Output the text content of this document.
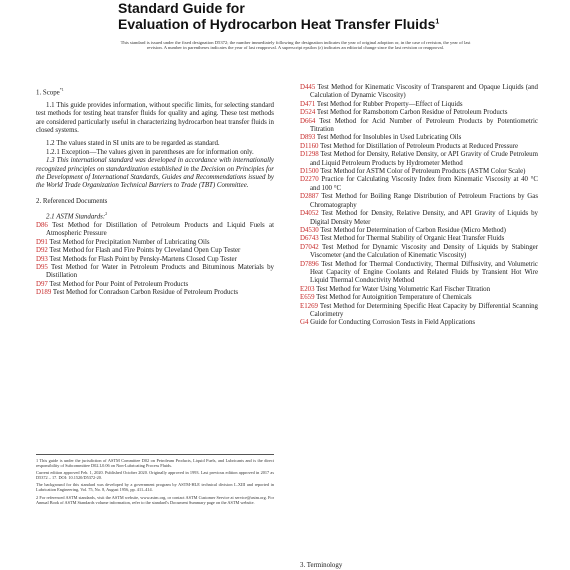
Standard Guide for
Evaluation of Hydrocarbon Heat Transfer Fluids$^1$
This standard is issued under the fixed designation D5372; the number immediately following the designation indicates the year of original adoption or, in the case of revision, the year of last revision. A number in parentheses indicates the year of last reapproval. A superscript epsilon (ε) indicates an editorial change since the last revision or reapproval.

1. Scope$^{*1}$

1.1 This guide provides information, without specific limits, for selecting standard test methods for testing heat transfer fluids for quality and aging. These test methods are considered particularly useful in characterizing hydrocarbon heat transfer fluids in closed systems.

1.2 The values stated in SI units are to be regarded as standard.

1.2.1 Exception—The values given in parentheses are for information only.

1.3 This international standard was developed in accordance with internationally recognized principles on standardization established in the Decision on Principles for the Development of International Standards, Guides and Recommendations issued by the World Trade Organization Technical Barriers to Trade (TBT) Committee.

2. Referenced Documents

2.1 ASTM Standards:$^2$

D86 Test Method for Distillation of Petroleum Products and Liquid Fuels at Atmospheric Pressure

D91 Test Method for Precipitation Number of Lubricating Oils

D92 Test Method for Flash and Fire Points by Cleveland Open Cup Tester

D93 Test Methods for Flash Point by Pensky-Martens Closed Cup Tester

D95 Test Method for Water in Petroleum Products and Bituminous Materials by Distillation

D97 Test Method for Pour Point of Petroleum Products

D189 Test Method for Conradson Carbon Residue of Petroleum Products

1 This guide is under the jurisdiction of ASTM Committee D02 on Petroleum Products, Liquid Fuels, and Lubricants and is the direct responsibility of Subcommittee D02.L0.06 on Non-Lubricating Process Fluids.

Current edition approved Feb. 1, 2020. Published October 2020. Originally approved in 1993. Last previous edition approved in 2017 as D5372 – 17. DOI: 10.1520/D5372-20.

The background for this standard was developed by a government program by ASTM-HLE technical division L.XIII and reported in Lubrication Engineering, Vol. 75, No. 8, August 1956, pp. 411–414.

2 For referenced ASTM standards, visit the ASTM website, www.astm.org, or contact ASTM Customer Service at service@astm.org. For Annual Book of ASTM Standards volume information, refer to the standard's Document Summary page on the ASTM website.

D445 Test Method for Kinematic Viscosity of Transparent and Opaque Liquids (and Calculation of Dynamic Viscosity)

D471 Test Method for Rubber Property—Effect of Liquids

D524 Test Method for Ramsbottom Carbon Residue of Petroleum Products

D664 Test Method for Acid Number of Petroleum Products by Potentiometric Titration

D893 Test Method for Insolubles in Used Lubricating Oils

D1160 Test Method for Distillation of Petroleum Products at Reduced Pressure

D1298 Test Method for Density, Relative Density, or API Gravity of Crude Petroleum and Liquid Petroleum Products by Hydrometer Method

D1500 Test Method for ASTM Color of Petroleum Products (ASTM Color Scale)

D2270 Practice for Calculating Viscosity Index from Kinematic Viscosity at 40 °C and 100 °C

D2887 Test Method for Boiling Range Distribution of Petroleum Fractions by Gas Chromatography

D4052 Test Method for Density, Relative Density, and API Gravity of Liquids by Digital Density Meter

D4530 Test Method for Determination of Carbon Residue (Micro Method)

D6743 Test Method for Thermal Stability of Organic Heat Transfer Fluids

D7042 Test Method for Dynamic Viscosity and Density of Liquids by Stabinger Viscometer (and the Calculation of Kinematic Viscosity)

D7896 Test Method for Thermal Conductivity, Thermal Diffusivity, and Volumetric Heat Capacity of Engine Coolants and Related Fluids by Transient Hot Wire Liquid Thermal Conductivity Method

E203 Test Method for Water Using Volumetric Karl Fischer Titration

E659 Test Method for Autoignition Temperature of Chemicals

E1269 Test Method for Determining Specific Heat Capacity by Differential Scanning Calorimetry

G4 Guide for Conducting Corrosion Tests in Field Applications

3. Terminology
